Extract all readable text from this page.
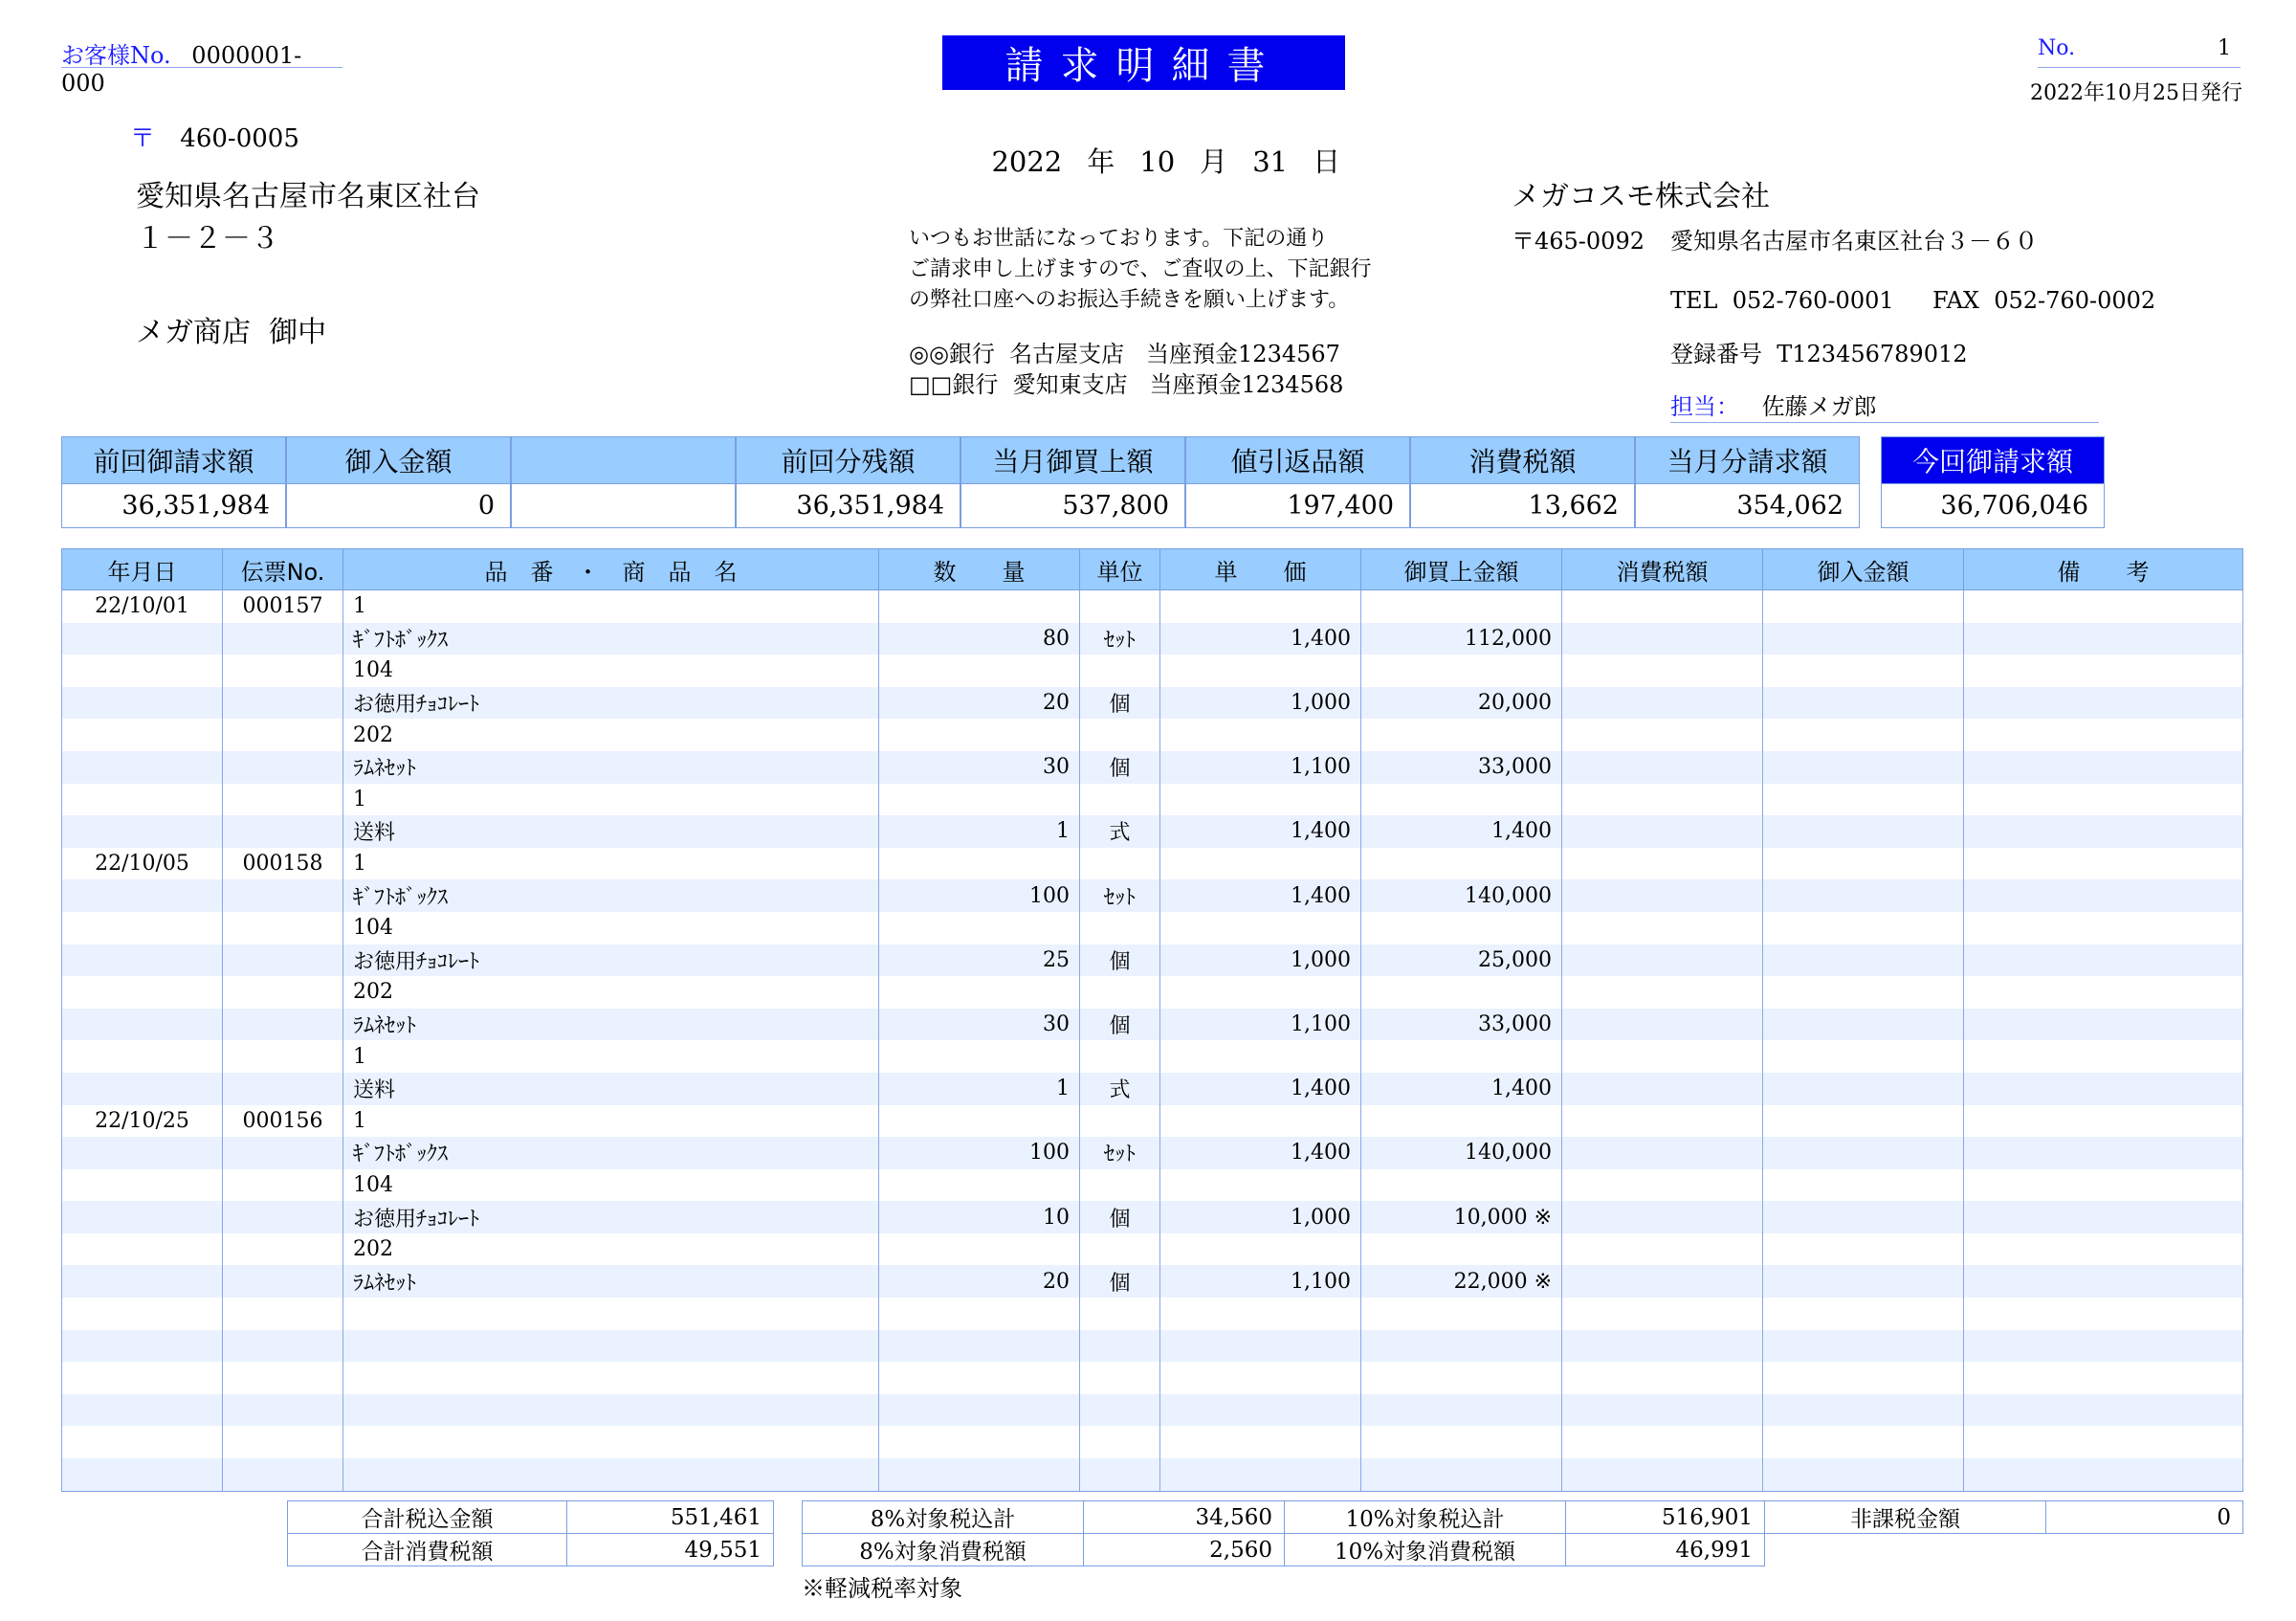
お客様No. 0000001-000	請求明細書

2022 年 10 月 31 日

No.	1
2022年10月25日発行
〒 460-0005
愛知県名古屋市名東区社台
１－２－３
メガ商店  御中
いつもお世話になっております。下記の通り
ご請求申し上げますので、ご査収の上、下記銀行
の弊社口座へのお振込手続きを願い上げます。
◎◎銀行  名古屋支店   当座預金1234567
□□銀行  愛知東支店   当座預金1234568
メガコスモ株式会社
〒465-0092 愛知県名古屋市名東区社台３－６０
TEL  052-760-0001 FAX  052-760-0002
登録番号  T123456789012
担当： 佐藤メガ郎
前回御請求額	御入金額	前回分残額	当月御買上額	値引返品額	消費税額	当月分請求額
36,351,984	0	36,351,984	537,800	197,400	13,662	354,062
今回御請求額
36,706,046
年月日	伝票No.	品　番　・　商　品　名	数　　量	単位	単　　価	御買上金額	消費税額	御入金額	備　　考
22/10/01	000157	1							
		ｷﾞﾌﾄﾎﾞｯｸｽ	80	ｾｯﾄ	1,400	112,000			
		104							
		お徳用ﾁｮｺﾚｰﾄ	20	個	1,000	20,000			
		202							
		ﾗﾑﾈｾｯﾄ	30	個	1,100	33,000			
		1							
		送料	1	式	1,400	1,400			
22/10/05	000158	1							
		ｷﾞﾌﾄﾎﾞｯｸｽ	100	ｾｯﾄ	1,400	140,000			
		104							
		お徳用ﾁｮｺﾚｰﾄ	25	個	1,000	25,000			
		202							
		ﾗﾑﾈｾｯﾄ	30	個	1,100	33,000			
		1							
		送料	1	式	1,400	1,400			
22/10/25	000156	1							
		ｷﾞﾌﾄﾎﾞｯｸｽ	100	ｾｯﾄ	1,400	140,000			
		104							
		お徳用ﾁｮｺﾚｰﾄ	10	個	1,000	10,000 ※			
		202							
		ﾗﾑﾈｾｯﾄ	20	個	1,100	22,000 ※			

合計税込金額	551,461
合計消費税額	49,551
8%対象税込計	34,560	10%対象税込計	516,901
8%対象消費税額	2,560	10%対象消費税額	46,991
非課税金額	0
※軽減税率対象
